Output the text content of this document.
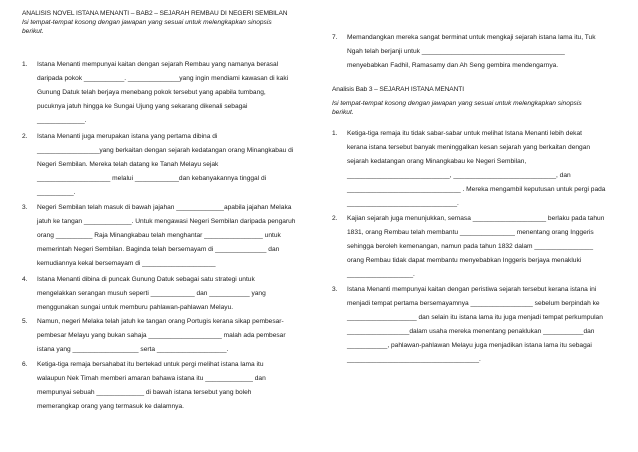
ANALISIS NOVEL ISTANA MENANTI – BAB2 – SEJARAH REMBAU DI NEGERI SEMBILAN
Isi tempat-tempat kosong dengan jawapan yang sesuai untuk melengkapkan sinopsis
berikut.
1.	Istana Menanti mempunyai kaitan dengan sejarah Rembau yang namanya berasal
daripada pokok ___________. ______________yang ingin mendiami kawasan di kaki
Gunung Datuk telah berjaya menebang pokok tersebut yang apabila tumbang,
pucuknya jatuh hingga ke Sungai Ujung yang sekarang dikenali sebagai
_____________.
2.	Istana Menanti juga merupakan istana yang pertama dibina di
_________________yang berkaitan dengan sejarah kedatangan orang Minangkabau di
Negeri Sembilan. Mereka telah datang ke Tanah Melayu sejak
____________________ melalui ____________dan kebanyakannya tinggal di
__________.
3.	Negeri Sembilan telah masuk di bawah jajahan _____________apabila jajahan Melaka
jatuh ke tangan _____________. Untuk mengawasi Negeri Sembilan daripada pengaruh
orang __________ Raja Minangkabau telah menghantar ________________ untuk
memerintah Negeri Sembilan. Baginda telah bersemayam di ______________ dan
kemudiannya kekal bersemayam di ____________________
4.	Istana Menanti dibina di puncak Gunung Datuk sebagai satu strategi untuk
mengelakkan serangan musuh seperti ____________ dan ___________ yang
menggunakan sungai untuk memburu pahlawan-pahlawan Melayu.
5.	Namun, negeri Melaka telah jatuh ke tangan orang Portugis kerana sikap pembesar-
pembesar Melayu yang bukan sahaja ____________________ malah ada pembesar
istana yang __________________ serta ___________________.
6.	Ketiga-tiga remaja bersahabat itu bertekad untuk pergi melihat istana lama itu
walaupun Nek Timah memberi amaran bahawa istana itu _____________ dan
mempunyai sebuah _____________ di bawah istana tersebut yang boleh
memerangkap orang yang termasuk ke dalamnya.
7.	Memandangkan mereka sangat berminat untuk mengkaji sejarah istana lama itu, Tuk
Ngah telah berjanji untuk _______________________________________
menyebabkan Fadhil, Ramasamy dan Ah Seng gembira mendengarnya.
Analisis Bab 3 – SEJARAH ISTANA MENANTI
Isi tempat-tempat kosong dengan jawapan yang sesuai untuk melengkapkan sinopsis
berikut.
1.	Ketiga-tiga remaja itu tidak sabar-sabar untuk melihat Istana Menanti lebih dekat
kerana istana tersebut banyak meninggalkan kesan sejarah yang berkaitan dengan
sejarah kedatangan orang Minangkabau ke Negeri Sembilan,
____________________________, ____________________________, dan
_______________________________ . Mereka mengambil keputusan untuk pergi pada
______________________________.
2.	Kajian sejarah juga menunjukkan, semasa ____________________ berlaku pada tahun
1831, orang Rembau telah membantu _______________ menentang orang Inggeris
sehingga beroleh kemenangan, namun pada tahun 1832 dalam ________________
orang Rembau tidak dapat membantu menyebabkan Inggeris berjaya menakluki
__________________.
3.	Istana Menanti mempunyai kaitan dengan peristiwa sejarah tersebut kerana istana ini
menjadi tempat pertama bersemayamnya _________________ sebelum berpindah ke
___________________ dan selain itu istana lama itu juga menjadi tempat perkumpulan
_________________dalam usaha mereka menentang penaklukan ___________dan
___________, pahlawan-pahlawan Melayu juga menjadikan istana lama itu sebagai
____________________________________.
